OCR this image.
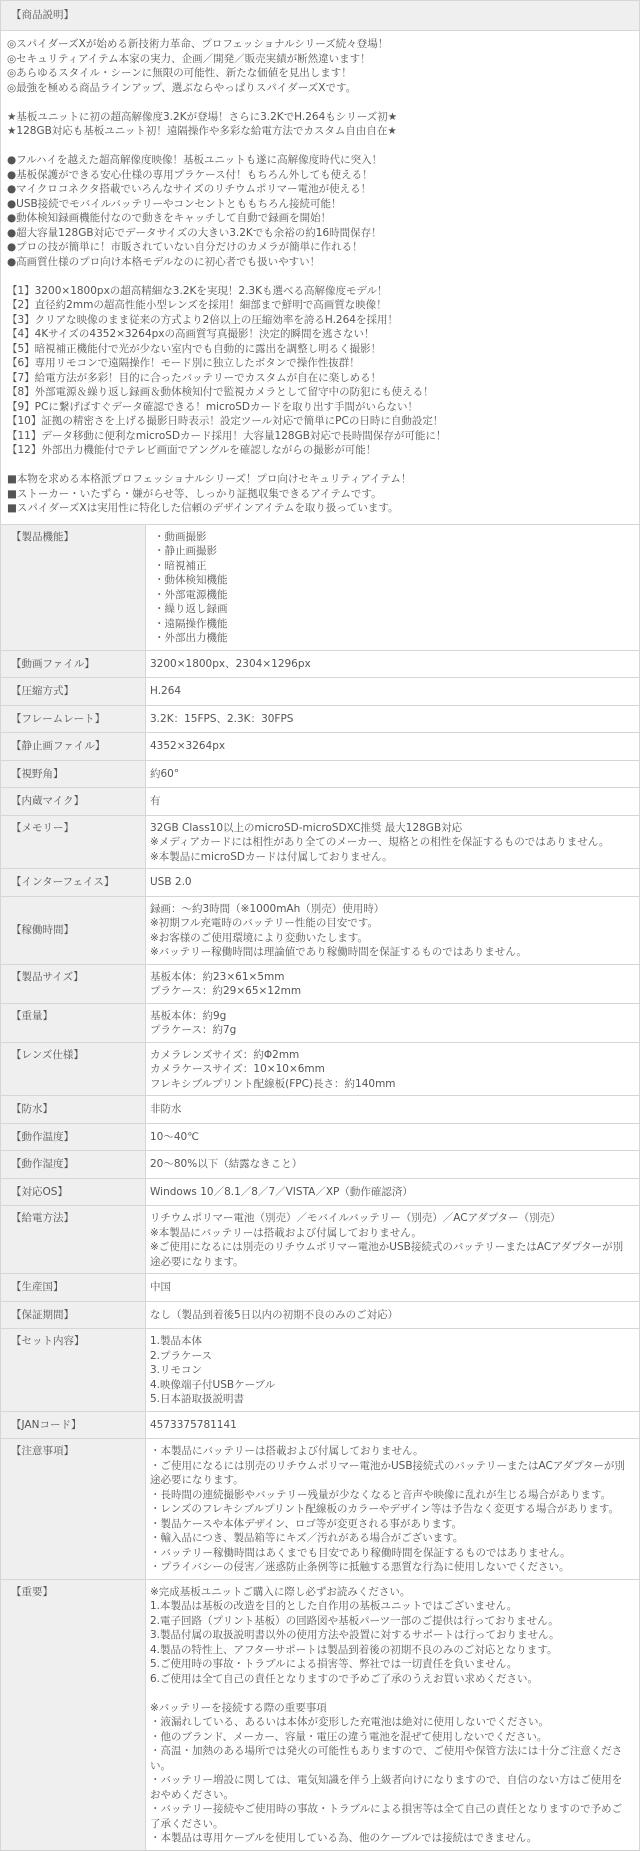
【商品説明】
◎スパイダーズXが始める新技術力革命、プロフェッショナルシリーズ続々登場！
◎セキュリティアイテム本家の実力、企画／開発／販売実績が断然違います！
◎あらゆるスタイル・シーンに無限の可能性、新たな価値を見出します！
◎最強を極める商品ラインアップ、選ぶならやっぱりスパイダーズXです。
★基板ユニットに初の超高解像度3.2Kが登場！さらに3.2KでH.264もシリーズ初★
★128GB対応も基板ユニット初！遠隔操作や多彩な給電方法でカスタム自由自在★
●フルハイを越えた超高解像度映像！基板ユニットも遂に高解像度時代に突入！
●基板保護ができる安心仕様の専用プラケース付！もちろん外しても使える！
●マイクロコネクタ搭載でいろんなサイズのリチウムポリマー電池が使える！
●USB接続でモバイルバッテリーやコンセントとももちろん接続可能！
●動体検知録画機能付なので動きをキャッチして自動で録画を開始！
●超大容量128GB対応でデータサイズの大きい3.2Kでも余裕の約16時間保存！
●プロの技が簡単に！市販されていない自分だけのカメラが簡単に作れる！
●高画質仕様のプロ向け本格モデルなのに初心者でも扱いやすい！
【1】3200×1800pxの超高精細な3.2Kを実現！2.3Kも選べる高解像度モデル！
【2】直径約2mmの超高性能小型レンズを採用！細部まで鮮明で高画質な映像！
【3】クリアな映像のまま従来の方式より2倍以上の圧縮効率を誇るH.264を採用！
【4】4Kサイズの4352×3264pxの高画質写真撮影！決定的瞬間を逃さない！
【5】暗視補正機能付で光が少ない室内でも自動的に露出を調整し明るく撮影！
【6】専用リモコンで遠隔操作！モード別に独立したボタンで操作性抜群！
【7】給電方法が多彩！目的に合ったバッテリーでカスタムが自在に楽しめる！
【8】外部電源＆繰り返し録画＆動体検知付で監視カメラとして留守中の防犯にも使える！
【9】PCに繋げばすぐデータ確認できる！microSDカードを取り出す手間がいらない！
【10】証拠の精密さを上げる撮影日時表示！設定ツール対応で簡単にPCの日時に自動設定！
【11】データ移動に便利なmicroSDカード採用！大容量128GB対応で長時間保存が可能に！
【12】外部出力機能付でテレビ画面でアングルを確認しながらの撮影が可能！
■本物を求める本格派プロフェッショナルシリーズ！プロ向けセキュリティアイテム！
■ストーカー・いたずら・嫌がらせ等、しっかり証拠収集できるアイテムです。
■スパイダーズXは実用性に特化した信頼のデザインアイテムを取り扱っています。
【製品機能】	・動画撮影
・静止画撮影
・暗視補正
・動体検知機能
・外部電源機能
・繰り返し録画
・遠隔操作機能
・外部出力機能

【動画ファイル】	3200×1800px、2304×1296px
【圧縮方式】	H.264
【フレームレート】	3.2K：15FPS、2.3K：30FPS
【静止画ファイル】	4352×3264px
【視野角】	約60°
【内蔵マイク】	有
【メモリー】	32GB Class10以上のmicroSD-microSDXC推奨 最大128GB対応
※メディアカードには相性があり全てのメーカー、規格との相性を保証するものではありません。
※本製品にmicroSDカードは付属しておりません。

【インターフェイス】	USB 2.0
【稼働時間】	録画：～約3時間（※1000mAh（別売）使用時）
※初期フル充電時のバッテリー性能の目安です。
※お客様のご使用環境により変動いたします。
※バッテリー稼働時間は理論値であり稼働時間を保証するものではありません。

【製品サイズ】	基板本体：約23×61×5mm
プラケース：約29×65×12mm

【重量】	基板本体：約9g
プラケース：約7g

【レンズ仕様】	カメラレンズサイズ：約Φ2mm
カメラケースサイズ：10×10×6mm
フレキシブルプリント配線板(FPC)長さ：約140mm

【防水】	非防水
【動作温度】	10～40℃
【動作湿度】	20～80%以下（結露なきこと）
【対応OS】	Windows 10／8.1／8／7／VISTA／XP（動作確認済）
【給電方法】	リチウムポリマー電池（別売）／モバイルバッテリー（別売）／ACアダプター（別売）
※本製品にバッテリーは搭載および付属しておりません。
※ご使用になるには別売のリチウムポリマー電池かUSB接続式のバッテリーまたはACアダプターが別途必要になります。

【生産国】	中国
【保証期間】	なし（製品到着後5日以内の初期不良のみのご対応）
【セット内容】	1.製品本体
2.プラケース
3.リモコン
4.映像端子付USBケーブル
5.日本語取扱説明書

【JANコード】	4573375781141
【注意事項】	・本製品にバッテリーは搭載および付属しておりません。
・ご使用になるには別売のリチウムポリマー電池かUSB接続式のバッテリーまたはACアダプターが別途必要になります。
・長時間の連続撮影やバッテリー残量が少なくなると音声や映像に乱れが生じる場合があります。
・レンズのフレキシブルプリント配線板のカラーやデザイン等は予告なく変更する場合があります。
・製品ケースや本体デザイン、ロゴ等が変更される事があります。
・輸入品につき、製品箱等にキズ／汚れがある場合がございます。
・バッテリー稼働時間はあくまでも目安であり稼働時間を保証するものではありません。
・プライバシーの侵害／迷惑防止条例等に抵触する悪質な行為に使用しないでください。

【重要】	※完成基板ユニットご購入に際し必ずお読みください。
1.本製品は基板の改造を目的とした自作用の基板ユニットではございません。
2.電子回路（プリント基板）の回路図や基板パーツ一部のご提供は行っておりません。
3.製品付属の取扱説明書以外の使用方法や設置に対するサポートは行っておりません。
4.製品の特性上、アフターサポートは製品到着後の初期不良のみのご対応となります。
5.ご使用時の事故・トラブルによる損害等、弊社では一切責任を負いません。
6.ご使用は全て自己の責任となりますので予めご了承のうえお買い求めください。

※バッテリーを接続する際の重要事項
・液漏れしている、あるいは本体が変形した充電池は絶対に使用しないでください。
・他のブランド、メーカー、容量・電圧の違う電池を混ぜて使用しないでください。
・高温・加熱のある場所では発火の可能性もありますので、ご使用や保管方法には十分ご注意ください。
・バッテリー増設に関しては、電気知識を伴う上級者向けになりますので、自信のない方はご使用をおやめください。
・バッテリー接続やご使用時の事故・トラブルによる損害等は全て自己の責任となりますので予めご了承ください。
・本製品は専用ケーブルを使用している為、他のケーブルでは接続はできません。
